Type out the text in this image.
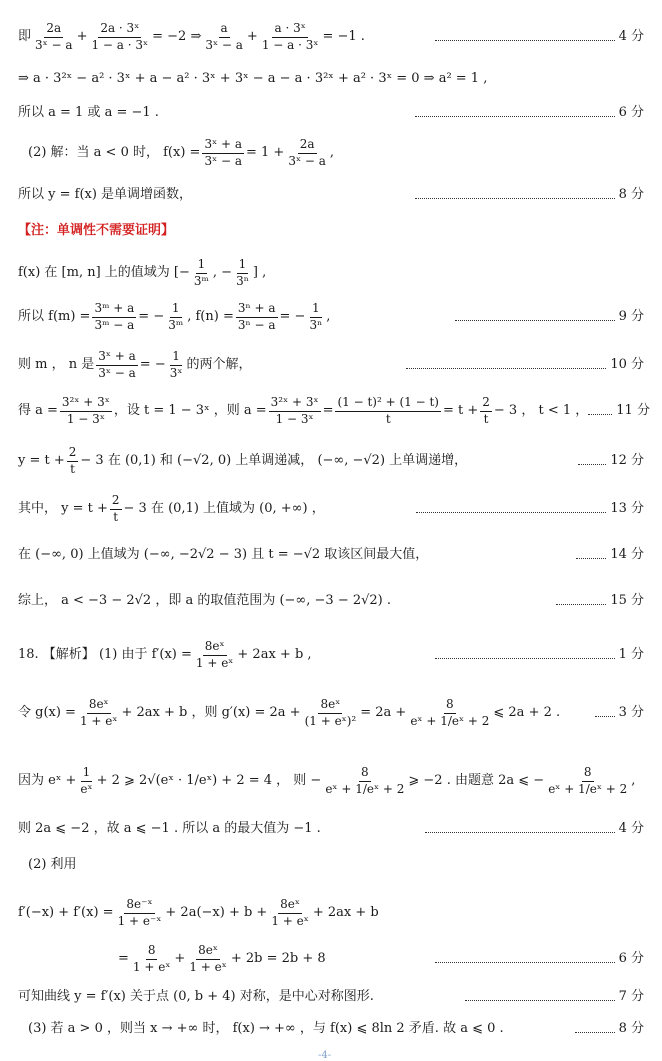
即 $\frac{2a}{\text{3ˣ − a}} + \frac{\text{2a · 3ˣ}}{\text{1 − a · 3ˣ}} = -2$ ⇒ $\frac{a}{\text{3ˣ − a}} + \frac{\text{a · 3ˣ}}{\text{1 − a · 3ˣ}} = -1$ .	4 分
⇒ a · 3²ˣ − a² · 3ˣ + a − a² · 3ˣ + 3ˣ − a − a · 3²ˣ + a² · 3ˣ = 0 ⇒ a² = 1 ,
所以 a = 1 或 a = −1 .	6 分
(2) 解：当 a < 0 时， $f(x) = \frac{\text{3ˣ + a}}{\text{3ˣ − a}} = 1 + \frac{2a}{\text{3ˣ − a}}$ ,
所以 y = f(x) 是单调增函数，	8 分
【注：单调性不需要证明】
f(x) 在 [m, n] 上的值域为 [− $\frac{1}{\text{3ᵐ}}$ , − $\frac{1}{\text{3ⁿ}}$ ] ,
所以 $f(m) = \frac{\text{3ᵐ + a}}{\text{3ᵐ − a}}$ = − $\frac{1}{\text{3ᵐ}}$ , $f(n) = \frac{\text{3ⁿ + a}}{\text{3ⁿ − a}}$ = − $\frac{1}{\text{3ⁿ}}$ ,	9 分
则 m ， n 是 $\frac{\text{3ˣ + a}}{\text{3ˣ − a}}$ = − $\frac{1}{\text{3ˣ}}$ 的两个解，	10 分
得 $a = \frac{\text{3²ˣ + 3ˣ}}{\text{1 − 3ˣ}}$ ，设 t = 1 − 3ˣ ，则 $a = \frac{\text{3²ˣ + 3ˣ}}{\text{1 − 3ˣ}} = \frac{\text{(1 − t)² + (1 − t)}}{t} = t + \frac{2}{t} - 3$ ， t < 1 ， 11 分
$y = t + \frac{2}{t} - 3$ 在 (0,1) 和 (−√2, 0) 上单调递减， (−∞, −√2) 上单调递增，	12 分
其中， $y = t + \frac{2}{t} - 3$ 在 (0,1) 上值域为 (0, +∞) ，	13 分
在 (−∞, 0) 上值域为 (−∞, −2√2 − 3) 且 t = −√2 取该区间最大值，	14 分
综上， a < −3 − 2√2 ，即 a 的取值范围为 (−∞, −3 − 2√2) .	15 分
18. 【解析】 (1) 由于 $f'(x) = \frac{\text{8eˣ}}{\text{1 + eˣ}} + 2ax + b$ ,	1 分
令 $g(x) = \frac{\text{8eˣ}}{\text{1 + eˣ}} + 2ax + b$ ，则 $g'(x) = 2a + \frac{\text{8eˣ}}{\text{(1 + eˣ)²}} = 2a + \frac{8}{\text{eˣ + 1/eˣ + 2}}$ ⩽ 2a + 2 .	3 分
因为 eˣ + $\frac{1}{\text{eˣ}} + 2$ ⩾ 2√(eˣ · 1/eˣ) + 2 = 4 ， 则 − $\frac{8}{\text{eˣ + 1/eˣ + 2}}$ ⩾ −2 . 由题意 2a ⩽ − $\frac{8}{\text{eˣ + 1/eˣ + 2}}$ ,
则 2a ⩽ −2 ，故 a ⩽ −1 . 所以 a 的最大值为 −1 .	4 分
(2) 利用
$f'(-x) + f'(x) = \frac{\text{8e⁻ˣ}}{\text{1 + e⁻ˣ}} + 2a(-x) + b + \frac{\text{8eˣ}}{\text{1 + eˣ}} + 2ax + b$
= $\frac{8}{\text{1 + eˣ}} + \frac{\text{8eˣ}}{\text{1 + eˣ}} + 2b = 2b + 8$	6 分
可知曲线 y = f′(x) 关于点 (0, b + 4) 对称，是中心对称图形.	7 分
(3) 若 a > 0 ，则当 x → +∞ 时， f(x) → +∞ ，与 f(x) ⩽ 8ln 2 矛盾. 故 a ⩽ 0 .	8 分
-4-
